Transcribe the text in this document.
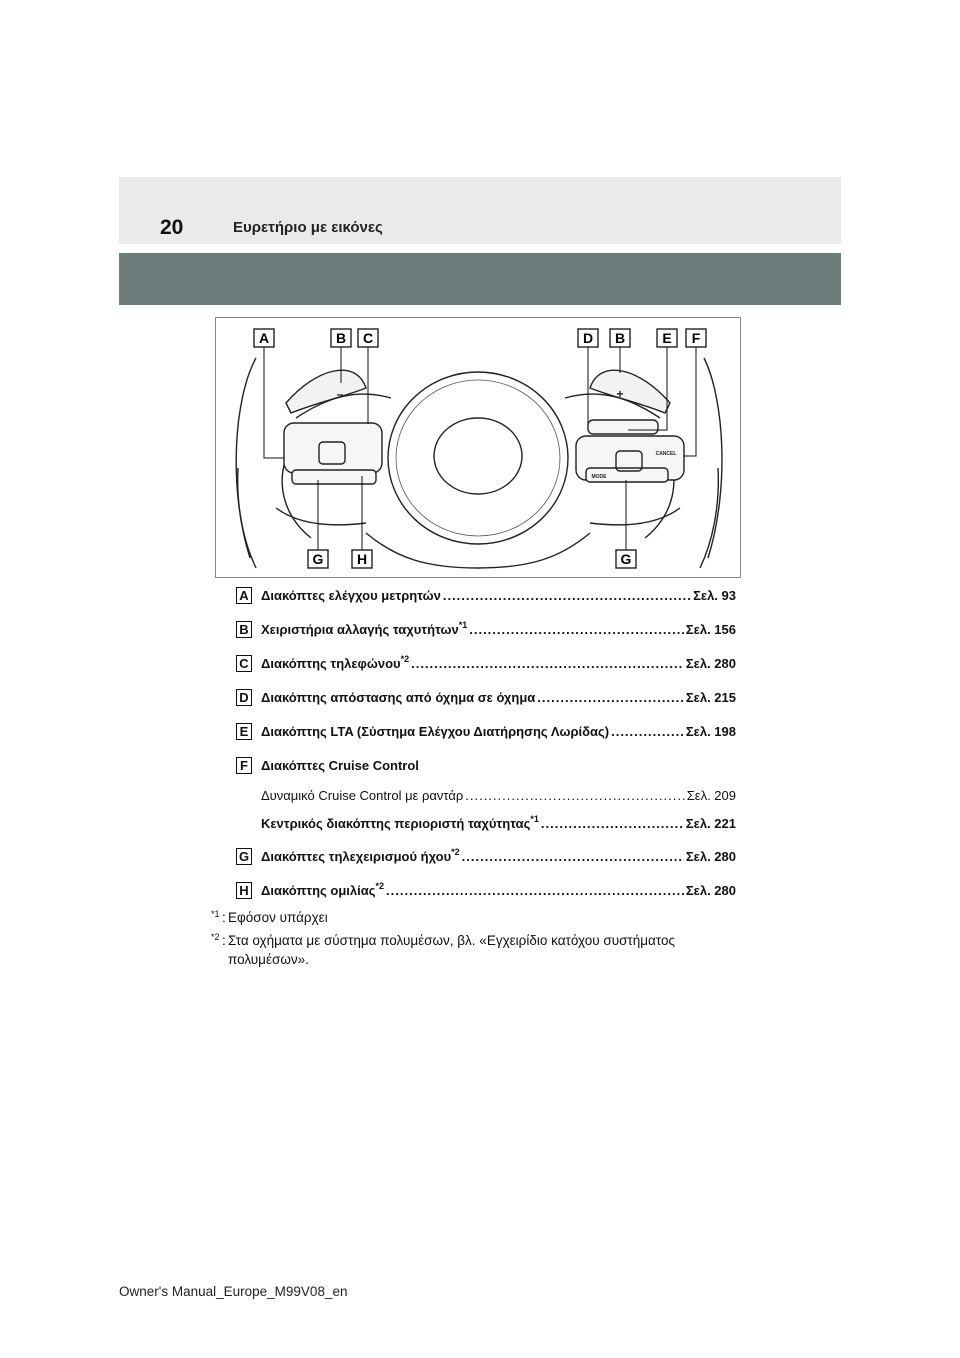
20	Ευρετήριο με εικόνες
A	B C	D B	E F
G H	G
–	+
CANCEL
MODE
A Διακόπτες ελέγχου μετρητών .....	Σελ. 93
B Χειριστήρια αλλαγής ταχυτήτων$^{*1}$ .....	Σελ. 156
C Διακόπτης τηλεφώνου$^{*2}$ .....	Σελ. 280
D Διακόπτης απόστασης από όχημα σε όχημα .....	Σελ. 215
E Διακόπτης LTA (Σύστημα Ελέγχου Διατήρησης Λωρίδας) .....	Σελ. 198
F	Διακόπτες Cruise Control
Δυναμικό Cruise Control με ραντάρ .....	Σελ. 209
Κεντρικός διακόπτης περιοριστή ταχύτητας$^{*1}$ .....	Σελ. 221
G Διακόπτες τηλεχειρισμού ήχου$^{*2}$ .....	Σελ. 280
H Διακόπτης ομιλίας$^{*2}$ .....	Σελ. 280
*1 : Εφόσον υπάρχει
*2 : Στα οχήματα με σύστημα πολυμέσων, βλ. «Εγχειρίδιο κατόχου συστήματος πολυμέσων».
Owner's Manual_Europe_M99V08_en
